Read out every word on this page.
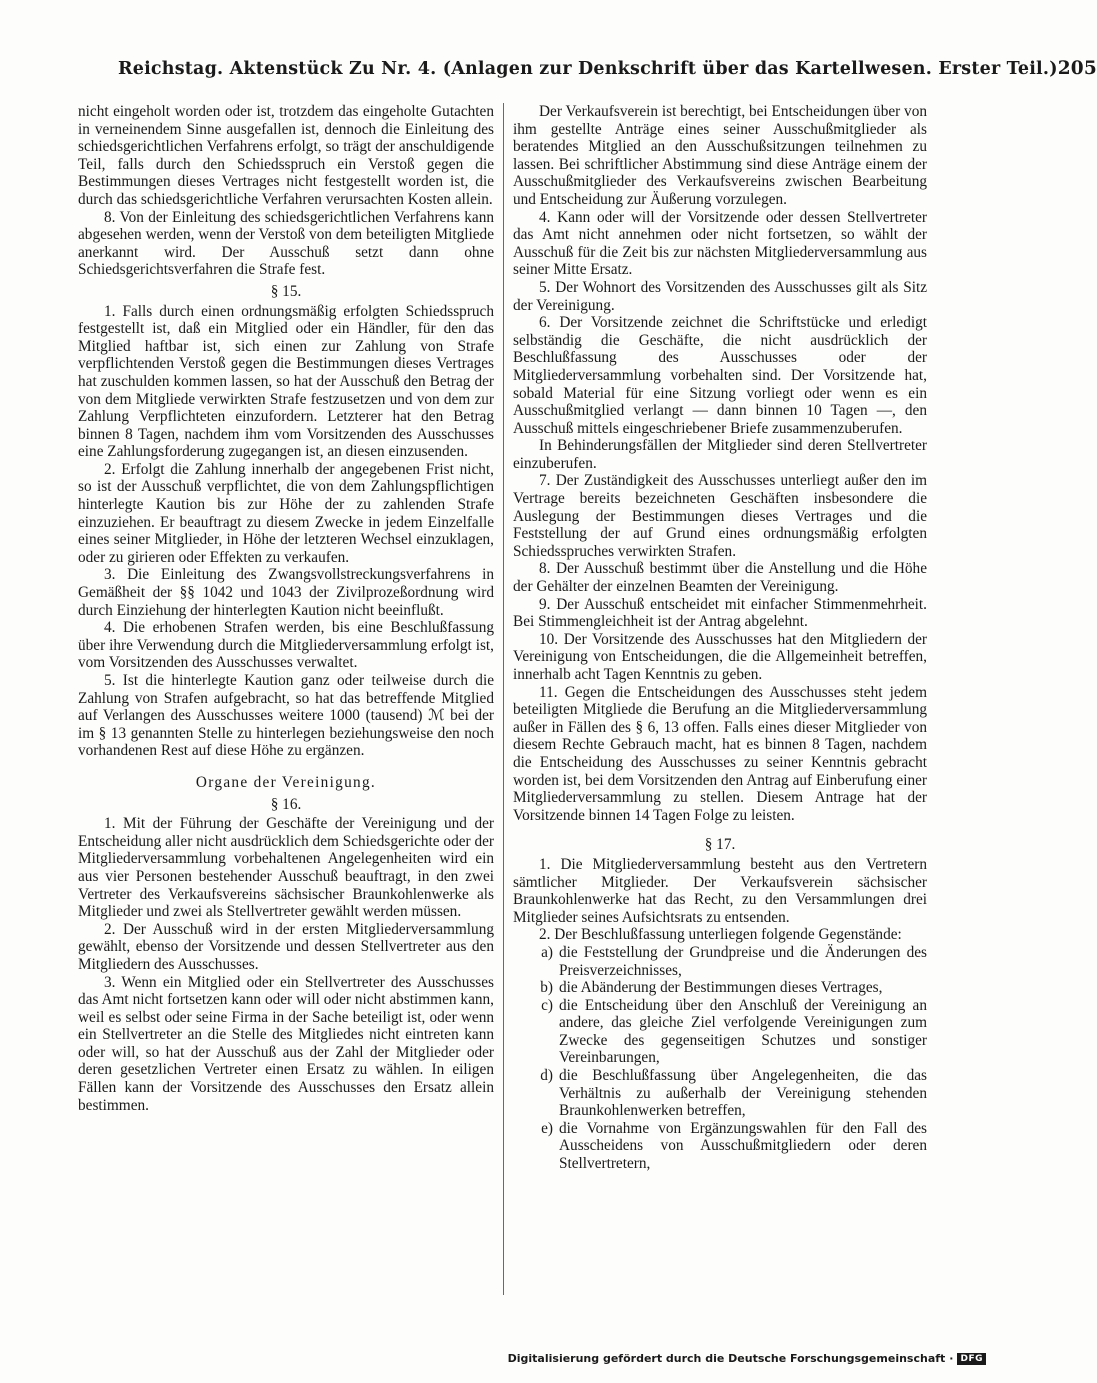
Reichstag. Aktenstück Zu Nr. 4. (Anlagen zur Denkschrift über das Kartellwesen. Erster Teil.) 205

nicht eingeholt worden oder ist, trotzdem das eingeholte Gutachten in verneinendem Sinne ausgefallen ist, dennoch die Einleitung des schiedsgerichtlichen Verfahrens erfolgt, so trägt der anschuldigende Teil, falls durch den Schiedsspruch ein Verstoß gegen die Bestimmungen dieses Vertrages nicht festgestellt worden ist, die durch das schiedsgerichtliche Verfahren verursachten Kosten allein.

8. Von der Einleitung des schiedsgerichtlichen Verfahrens kann abgesehen werden, wenn der Verstoß von dem beteiligten Mitgliede anerkannt wird. Der Ausschuß setzt dann ohne Schiedsgerichtsverfahren die Strafe fest.

§ 15.

1. Falls durch einen ordnungsmäßig erfolgten Schiedsspruch festgestellt ist, daß ein Mitglied oder ein Händler, für den das Mitglied haftbar ist, sich einen zur Zahlung von Strafe verpflichtenden Verstoß gegen die Bestimmungen dieses Vertrages hat zuschulden kommen lassen, so hat der Ausschuß den Betrag der von dem Mitgliede verwirkten Strafe festzusetzen und von dem zur Zahlung Verpflichteten einzufordern. Letzterer hat den Betrag binnen 8 Tagen, nachdem ihm vom Vorsitzenden des Ausschusses eine Zahlungsforderung zugegangen ist, an diesen einzusenden.

2. Erfolgt die Zahlung innerhalb der angegebenen Frist nicht, so ist der Ausschuß verpflichtet, die von dem Zahlungspflichtigen hinterlegte Kaution bis zur Höhe der zu zahlenden Strafe einzuziehen. Er beauftragt zu diesem Zwecke in jedem Einzelfalle eines seiner Mitglieder, in Höhe der letzteren Wechsel einzuklagen, oder zu girieren oder Effekten zu verkaufen.

3. Die Einleitung des Zwangsvollstreckungsverfahrens in Gemäßheit der §§ 1042 und 1043 der Zivilprozeßordnung wird durch Einziehung der hinterlegten Kaution nicht beeinflußt.

4. Die erhobenen Strafen werden, bis eine Beschlußfassung über ihre Verwendung durch die Mitgliederversammlung erfolgt ist, vom Vorsitzenden des Ausschusses verwaltet.

5. Ist die hinterlegte Kaution ganz oder teilweise durch die Zahlung von Strafen aufgebracht, so hat das betreffende Mitglied auf Verlangen des Ausschusses weitere 1000 (tausend) ℳ bei der im § 13 genannten Stelle zu hinterlegen beziehungsweise den noch vorhandenen Rest auf diese Höhe zu ergänzen.

Organe der Vereinigung.
§ 16.

1. Mit der Führung der Geschäfte der Vereinigung und der Entscheidung aller nicht ausdrücklich dem Schiedsgerichte oder der Mitgliederversammlung vorbehaltenen Angelegenheiten wird ein aus vier Personen bestehender Ausschuß beauftragt, in den zwei Vertreter des Verkaufsvereins sächsischer Braunkohlenwerke als Mitglieder und zwei als Stellvertreter gewählt werden müssen.

2. Der Ausschuß wird in der ersten Mitgliederversammlung gewählt, ebenso der Vorsitzende und dessen Stellvertreter aus den Mitgliedern des Ausschusses.

3. Wenn ein Mitglied oder ein Stellvertreter des Ausschusses das Amt nicht fortsetzen kann oder will oder nicht abstimmen kann, weil es selbst oder seine Firma in der Sache beteiligt ist, oder wenn ein Stellvertreter an die Stelle des Mitgliedes nicht eintreten kann oder will, so hat der Ausschuß aus der Zahl der Mitglieder oder deren gesetzlichen Vertreter einen Ersatz zu wählen. In eiligen Fällen kann der Vorsitzende des Ausschusses den Ersatz allein bestimmen.

Der Verkaufsverein ist berechtigt, bei Entscheidungen über von ihm gestellte Anträge eines seiner Ausschußmitglieder als beratendes Mitglied an den Ausschußsitzungen teilnehmen zu lassen. Bei schriftlicher Abstimmung sind diese Anträge einem der Ausschußmitglieder des Verkaufsvereins zwischen Bearbeitung und Entscheidung zur Äußerung vorzulegen.

4. Kann oder will der Vorsitzende oder dessen Stellvertreter das Amt nicht annehmen oder nicht fortsetzen, so wählt der Ausschuß für die Zeit bis zur nächsten Mitgliederversammlung aus seiner Mitte Ersatz.

5. Der Wohnort des Vorsitzenden des Ausschusses gilt als Sitz der Vereinigung.

6. Der Vorsitzende zeichnet die Schriftstücke und erledigt selbständig die Geschäfte, die nicht ausdrücklich der Beschlußfassung des Ausschusses oder der Mitgliederversammlung vorbehalten sind. Der Vorsitzende hat, sobald Material für eine Sitzung vorliegt oder wenn es ein Ausschußmitglied verlangt — dann binnen 10 Tagen —, den Ausschuß mittels eingeschriebener Briefe zusammenzuberufen.

In Behinderungsfällen der Mitglieder sind deren Stellvertreter einzuberufen.

7. Der Zuständigkeit des Ausschusses unterliegt außer den im Vertrage bereits bezeichneten Geschäften insbesondere die Auslegung der Bestimmungen dieses Vertrages und die Feststellung der auf Grund eines ordnungsmäßig erfolgten Schiedsspruches verwirkten Strafen.

8. Der Ausschuß bestimmt über die Anstellung und die Höhe der Gehälter der einzelnen Beamten der Vereinigung.

9. Der Ausschuß entscheidet mit einfacher Stimmenmehrheit. Bei Stimmengleichheit ist der Antrag abgelehnt.

10. Der Vorsitzende des Ausschusses hat den Mitgliedern der Vereinigung von Entscheidungen, die die Allgemeinheit betreffen, innerhalb acht Tagen Kenntnis zu geben.

11. Gegen die Entscheidungen des Ausschusses steht jedem beteiligten Mitgliede die Berufung an die Mitgliederversammlung außer in Fällen des § 6, 13 offen. Falls eines dieser Mitglieder von diesem Rechte Gebrauch macht, hat es binnen 8 Tagen, nachdem die Entscheidung des Ausschusses zu seiner Kenntnis gebracht worden ist, bei dem Vorsitzenden den Antrag auf Einberufung einer Mitgliederversammlung zu stellen. Diesem Antrage hat der Vorsitzende binnen 14 Tagen Folge zu leisten.

§ 17.

1. Die Mitgliederversammlung besteht aus den Vertretern sämtlicher Mitglieder. Der Verkaufsverein sächsischer Braunkohlenwerke hat das Recht, zu den Versammlungen drei Mitglieder seines Aufsichtsrats zu entsenden.

2. Der Beschlußfassung unterliegen folgende Gegenstände:

a) die Feststellung der Grundpreise und die Änderungen des Preisverzeichnisses,
b) die Abänderung der Bestimmungen dieses Vertrages,
c) die Entscheidung über den Anschluß der Vereinigung an andere, das gleiche Ziel verfolgende Vereinigungen zum Zwecke des gegenseitigen Schutzes und sonstiger Vereinbarungen,
d) die Beschlußfassung über Angelegenheiten, die das Verhältnis zu außerhalb der Vereinigung stehenden Braunkohlenwerken betreffen,
e) die Vornahme von Ergänzungswahlen für den Fall des Ausscheidens von Ausschußmitgliedern oder deren Stellvertretern,
Digitalisierung gefördert durch die Deutsche Forschungsgemeinschaft · DFG
